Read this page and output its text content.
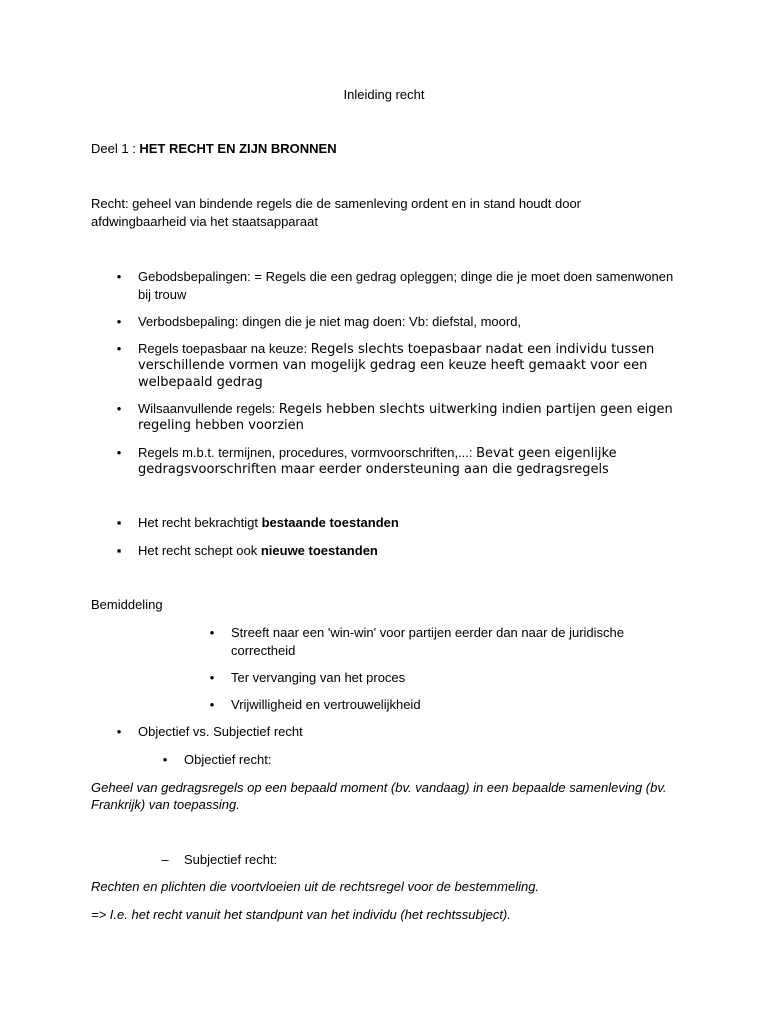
Inleiding recht
Deel 1 : HET RECHT EN ZIJN BRONNEN
Recht: geheel van bindende regels die de samenleving ordent en in stand houdt door
afdwingbaarheid via het staatsapparaat
• Gebodsbepalingen: = Regels die een gedrag opleggen; dinge die je moet doen samenwonen
bij trouw
• Verbodsbepaling: dingen die je niet mag doen: Vb: diefstal, moord,
• Regels toepasbaar na keuze: Regels slechts toepasbaar nadat een individu tussen
verschillende vormen van mogelijk gedrag een keuze heeft gemaakt voor een
welbepaald gedrag
• Wilsaanvullende regels: Regels hebben slechts uitwerking indien partijen geen eigen
regeling hebben voorzien
• Regels m.b.t. termijnen, procedures, vormvoorschriften,...: Bevat geen eigenlijke
gedragsvoorschriften maar eerder ondersteuning aan die gedragsregels
▪ Het recht bekrachtigt bestaande toestanden
▪ Het recht schept ook nieuwe toestanden
Bemiddeling
• Streeft naar een 'win-win' voor partijen eerder dan naar de juridische
correctheid
• Ter vervanging van het proces
• Vrijwilligheid en vertrouwelijkheid
• Objectief vs. Subjectief recht
• Objectief recht:
Geheel van gedragsregels op een bepaald moment (bv. vandaag) in een bepaalde samenleving (bv.
Frankrijk) van toepassing.
– Subjectief recht:
Rechten en plichten die voortvloeien uit de rechtsregel voor de bestemmeling.
=> I.e. het recht vanuit het standpunt van het individu (het rechtssubject).
